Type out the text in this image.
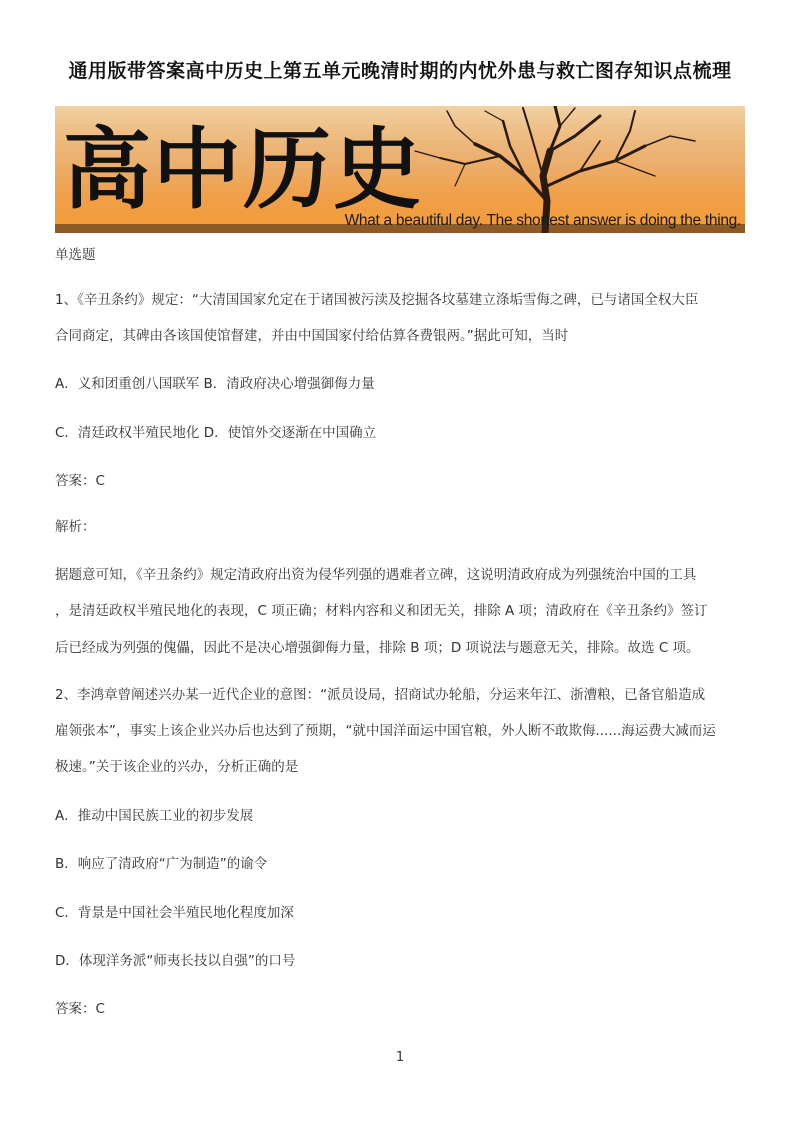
通用版带答案高中历史上第五单元晚清时期的内忧外患与救亡图存知识点梳理
高中历史
What a beautiful day. The shortest answer is doing the thing.
单选题
1、《辛丑条约》规定：“大清国国家允定在于诸国被污渎及挖掘各坟墓建立涤垢雪侮之碑，已与诸国全权大臣
合同商定，其碑由各该国使馆督建，并由中国国家付给估算各费银两。”据此可知，当时
A．义和团重创八国联军 B．清政府决心增强御侮力量
C．清廷政权半殖民地化 D．使馆外交逐渐在中国确立
答案：C
解析：
据题意可知，《辛丑条约》规定清政府出资为侵华列强的遇难者立碑，这说明清政府成为列强统治中国的工具
，是清廷政权半殖民地化的表现，C 项正确；材料内容和义和团无关，排除 A 项；清政府在《辛丑条约》签订
后已经成为列强的傀儡，因此不是决心增强御侮力量，排除 B 项；D 项说法与题意无关，排除。故选 C 项。
2、李鸿章曾阐述兴办某一近代企业的意图：“派员设局，招商试办轮船，分运来年江、浙漕粮，已备官船造成
雇领张本”，事实上该企业兴办后也达到了预期，“就中国洋面运中国官粮，外人断不敢欺侮......海运费大减而运
极速。”关于该企业的兴办，分析正确的是
A．推动中国民族工业的初步发展
B．响应了清政府“广为制造”的谕令
C．背景是中国社会半殖民地化程度加深
D．体现洋务派“师夷长技以自强”的口号
答案：C
1
